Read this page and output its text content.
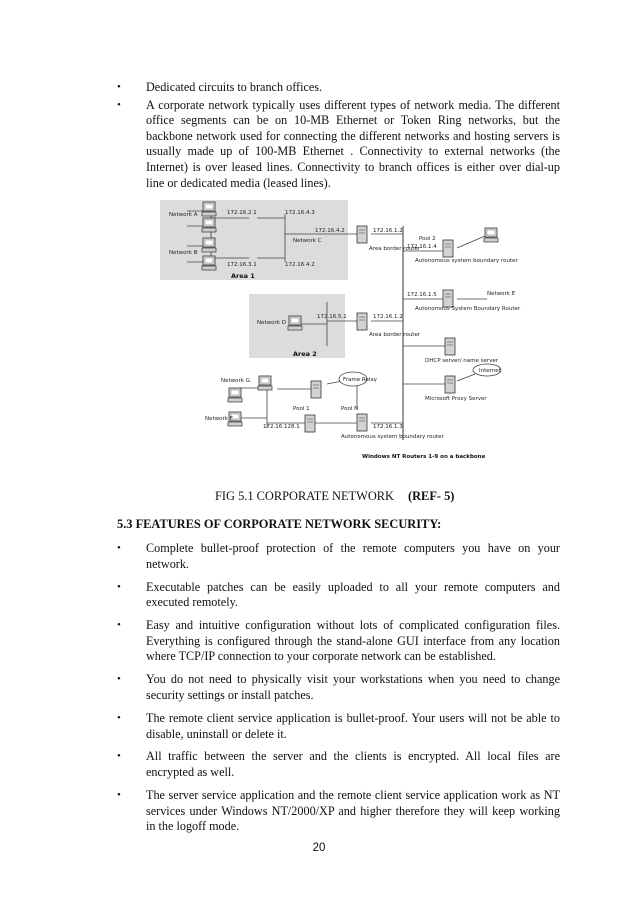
• Dedicated circuits to branch offices.
• A corporate network typically uses different types of network media. The different office segments can be on 10-MB Ethernet or Token Ring networks, but the backbone network used for connecting the different networks and hosting servers is usually made up of 100-MB Ethernet . Connectivity to external networks (the Internet) is over leased lines. Connectivity to branch offices is either over dial-up line or dedicated media (leased lines).
Network A
Network B
Network C
Network D
Network E
Network F
Network G
172.16.2.1	172.16.4.3
172.16.3.1	172.16.4.2
172.16.4.2	172.16.1.2
172.16.1.4
172.16.1.5
172.16.5.1	172.16.1.2
172.16.128.1	172.16.1.3
Pool 2
Pool 1	Pool N
Autonomous system boundary router
Autonomous System Boundary Router
Autonomous system boundary router
Area border router
Area border router
DHCP server/ name server
Microsoft Proxy Server
Internet
Frame Relay
Area 1
Area 2
Windows NT Routers 1-9 on a backbone
FIG 5.1 CORPORATE NETWORK (REF- 5)
5.3 FEATURES OF CORPORATE NETWORK SECURITY:
• Complete bullet-proof protection of the remote computers you have on your network.
• Executable patches can be easily uploaded to all your remote computers and executed remotely.
• Easy and intuitive configuration without lots of complicated configuration files. Everything is configured through the stand-alone GUI interface from any location where TCP/IP connection to your corporate network can be established.
• You do not need to physically visit your workstations when you need to change security settings or install patches.
• The remote client service application is bullet-proof. Your users will not be able to disable, uninstall or delete it.
• All traffic between the server and the clients is encrypted. All local files are encrypted as well.
• The server service application and the remote client service application work as NT services under Windows NT/2000/XP and higher therefore they will keep working in the logoff mode.
20
